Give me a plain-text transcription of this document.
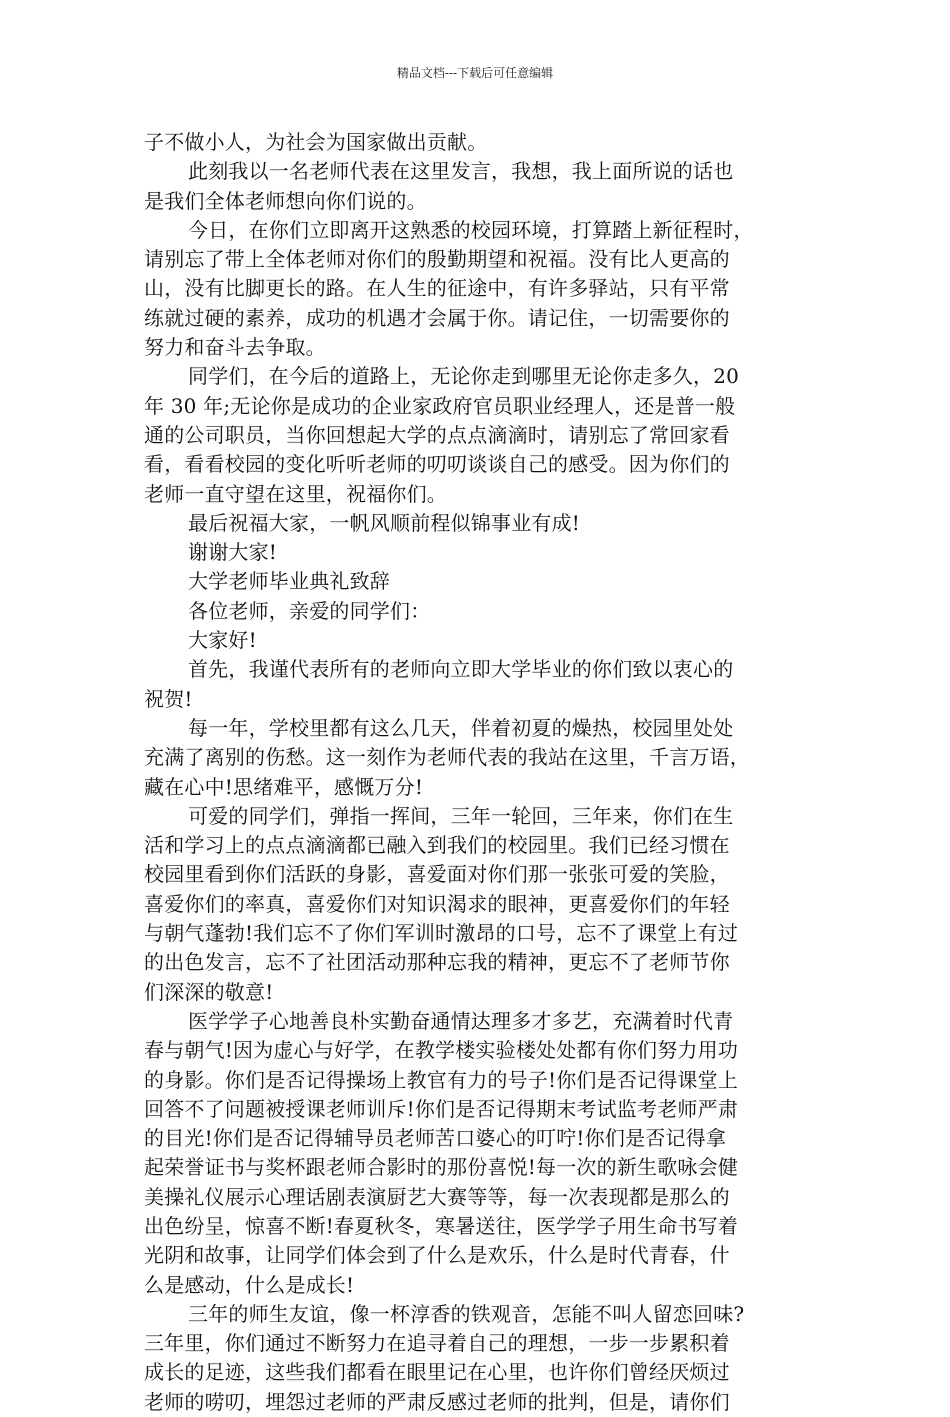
精品文档---下载后可任意编辑
子不做小人，为社会为国家做出贡献。
此刻我以一名老师代表在这里发言，我想，我上面所说的话也
是我们全体老师想向你们说的。
今日，在你们立即离开这熟悉的校园环境，打算踏上新征程时，
请别忘了带上全体老师对你们的殷勤期望和祝福。没有比人更高的
山，没有比脚更长的路。在人生的征途中，有许多驿站，只有平常
练就过硬的素养，成功的机遇才会属于你。请记住，一切需要你的
努力和奋斗去争取。
同学们，在今后的道路上，无论你走到哪里无论你走多久，20
年 30 年;无论你是成功的企业家政府官员职业经理人，还是普一般
通的公司职员，当你回想起大学的点点滴滴时，请别忘了常回家看
看，看看校园的变化听听老师的叨叨谈谈自己的感受。因为你们的
老师一直守望在这里，祝福你们。
最后祝福大家，一帆风顺前程似锦事业有成!
谢谢大家!
大学老师毕业典礼致辞
各位老师，亲爱的同学们：
大家好!
首先，我谨代表所有的老师向立即大学毕业的你们致以衷心的
祝贺!
每一年，学校里都有这么几天，伴着初夏的燥热，校园里处处
充满了离别的伤愁。这一刻作为老师代表的我站在这里，千言万语，
藏在心中!思绪难平，感慨万分!
可爱的同学们，弹指一挥间，三年一轮回，三年来，你们在生
活和学习上的点点滴滴都已融入到我们的校园里。我们已经习惯在
校园里看到你们活跃的身影，喜爱面对你们那一张张可爱的笑脸，
喜爱你们的率真，喜爱你们对知识渴求的眼神，更喜爱你们的年轻
与朝气蓬勃!我们忘不了你们军训时激昂的口号，忘不了课堂上有过
的出色发言，忘不了社团活动那种忘我的精神，更忘不了老师节你
们深深的敬意!
医学学子心地善良朴实勤奋通情达理多才多艺，充满着时代青
春与朝气!因为虚心与好学，在教学楼实验楼处处都有你们努力用功
的身影。你们是否记得操场上教官有力的号子!你们是否记得课堂上
回答不了问题被授课老师训斥!你们是否记得期末考试监考老师严肃
的目光!你们是否记得辅导员老师苦口婆心的叮咛!你们是否记得拿
起荣誉证书与奖杯跟老师合影时的那份喜悦!每一次的新生歌咏会健
美操礼仪展示心理话剧表演厨艺大赛等等，每一次表现都是那么的
出色纷呈，惊喜不断!春夏秋冬，寒暑送往，医学学子用生命书写着
光阴和故事，让同学们体会到了什么是欢乐，什么是时代青春，什
么是感动，什么是成长!
三年的师生友谊，像一杯淳香的铁观音，怎能不叫人留恋回味?
三年里，你们通过不断努力在追寻着自己的理想，一步一步累积着
成长的足迹，这些我们都看在眼里记在心里，也许你们曾经厌烦过
老师的唠叨，埋怨过老师的严肃反感过老师的批判，但是，请你们
